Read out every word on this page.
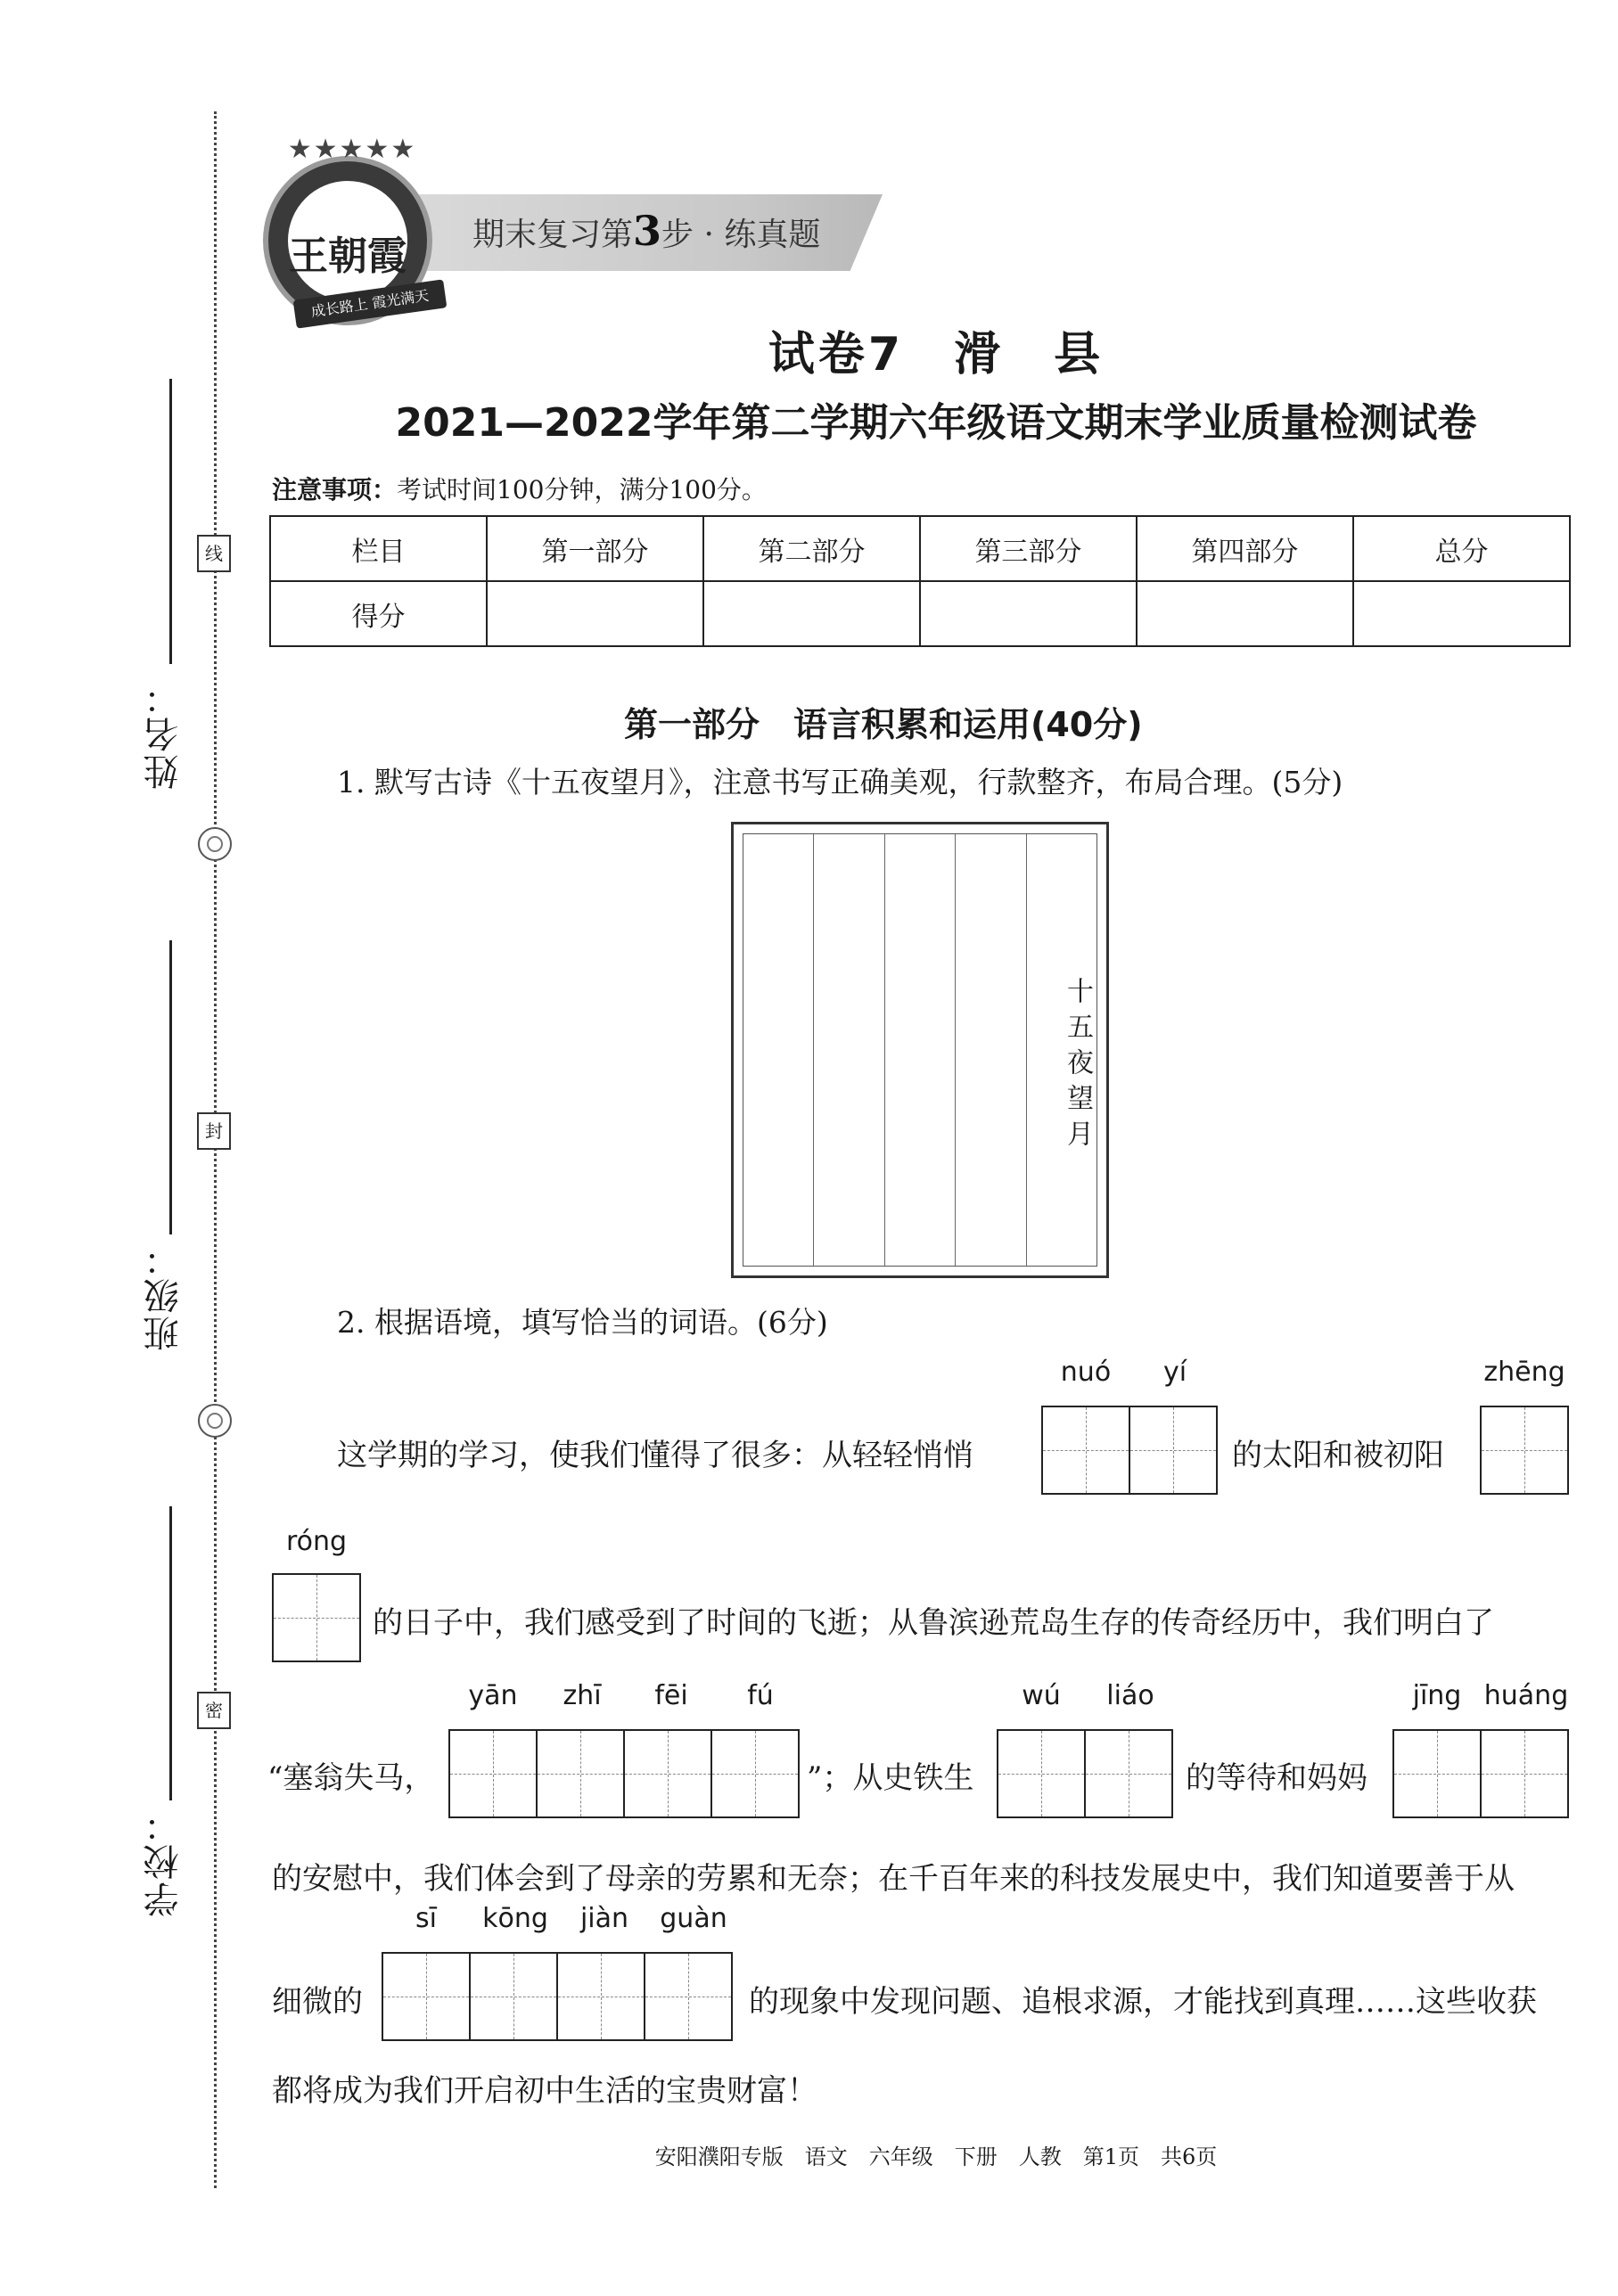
姓名：
线
班级：
封
学校：
密
期末复习第3步 · 练真题
王朝霞
★★★★★
成长路上 霞光满天
试卷7　滑　县
2021—2022学年第二学期六年级语文期末学业质量检测试卷
注意事项：考试时间100分钟，满分100分。
栏目	第一部分	第二部分	第三部分	第四部分	总分
得分					
第一部分　语言积累和运用(40分)
1. 默写古诗《十五夜望月》，注意书写正确美观，行款整齐，布局合理。(5分)
十五夜望月
2. 根据语境，填写恰当的词语。(6分)
nuó	yí	zhēng
这学期的学习，使我们懂得了很多：从轻轻悄悄	的太阳和被初阳
róng
的日子中，我们感受到了时间的飞逝；从鲁滨逊荒岛生存的传奇经历中，我们明白了
yān	zhī	fēi	fú	wú	liáo	jīng huáng
“塞翁失马，	”；从史铁生	的等待和妈妈
的安慰中，我们体会到了母亲的劳累和无奈；在千百年来的科技发展史中，我们知道要善于从
sī	kōng	jiàn	guàn
细微的	的现象中发现问题、追根求源，才能找到真理……这些收获
都将成为我们开启初中生活的宝贵财富！
安阳濮阳专版　语文　六年级　下册　人教　第1页　共6页
